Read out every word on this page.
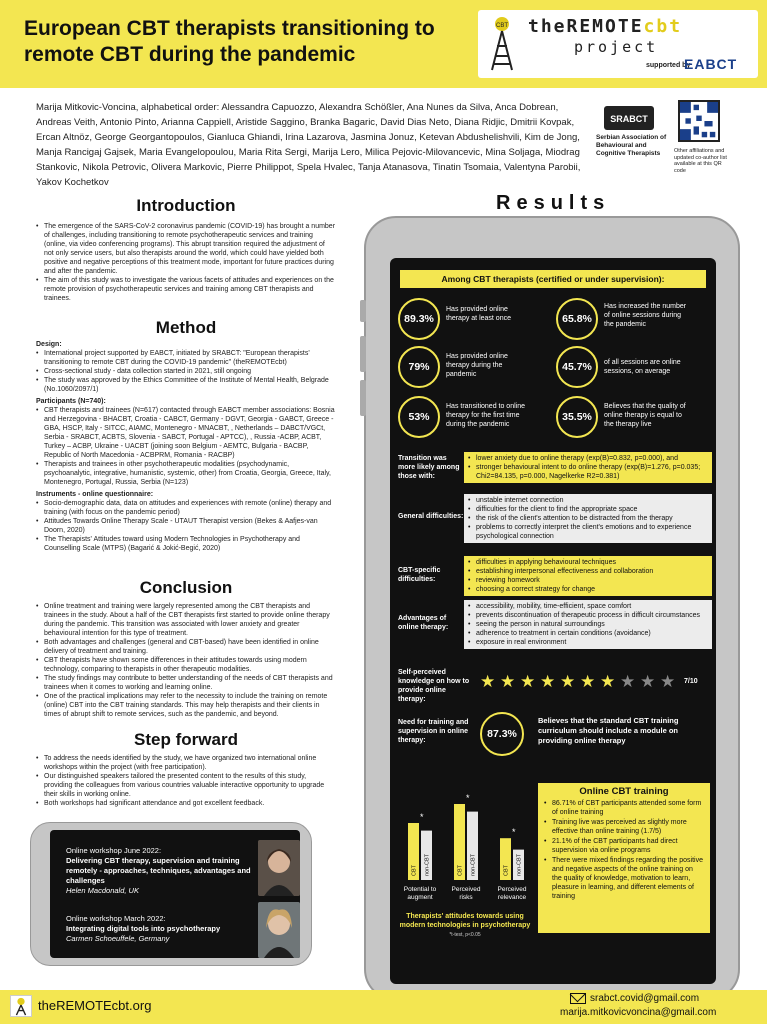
European CBT therapists transitioning to remote CBT during the pandemic
CBT theREMOTEcbt
project
supported by
EABCT
Marija Mitkovic-Voncina, alphabetical order: Alessandra Capuozzo, Alexandra Schößler, Ana Nunes da Silva, Anca Dobrean, Andreas Veith, Antonio Pinto, Arianna Cappiell, Aristide Saggino, Branka Bagaric, David Dias Neto, Diana Ridjic, Dmitrii Kovpak, Ercan Altnöz, George Georgantopoulos, Gianluca Ghiandi, Irina Lazarova, Jasmina Jonuz, Ketevan Abdushelishvili, Kim de Jong, Manja Rancigaj Gajsek, Maria Evangelopoulou, Maria Rita Sergi, Marija Lero, Milica Pejovic-Milovancevic, Mina Soljaga, Miodrag Stankovic, Nikola Petrovic, Olivera Markovic, Pierre Philippot, Spela Hvalec, Tanja Atanasova, Tinatin Tsomaia, Valentyna Parobii, Yakov Kochetkov
SRABCT
Serbian Association of Behavioural and Cognitive Therapists	Other affiliations and updated co-author list available at this QR code
Introduction
• The emergence of the SARS-CoV-2 coronavirus pandemic (COVID-19) has brought a number of challenges, including transitioning to remote psychotherapeutic services and training (online, via video conferencing programs). This abrupt transition required the adjustment of not only service users, but also therapists around the world, which could have yielded both positive and negative perceptions of this treatment mode, important for future practices during and after the pandemic.
• The aim of this study was to investigate the various facets of attitudes and experiences on the remote provision of psychotherapeutic services and training among CBT therapists and trainees.
Method
Design:
• International project supported by EABCT, initiated by SRABCT: "European therapists' transitioning to remote CBT during the COVID-19 pandemic" (theREMOTEcbt)
• Cross-sectional study - data collection started in 2021, still ongoing
• The study was approved by the Ethics Committee of the Institute of Mental Health, Belgrade (No.1060/2097/1)
Participants (N=740):
• CBT therapists and trainees (N=617) contacted through EABCT member associations: Bosnia and Herzegovina - BHACBT, Croatia - CABCT, Germany - DGVT, Georgia - GABCT, Greece - GBA, HSCP, Italy - SITCC, AIAMC, Montenegro - MNACBT, , Netherlands – DABCT/VGCt, Serbia - SRABCT, ACBTS, Slovenia - SABCT, Portugal - APTCC), , Russia -ACBP, ACBT, Turkey – ACBP, Ukraine - UACBT (joining soon Belgium - AEMTC, Bulgaria - BACBP, Republic of North Macedonia - ACBPRM, Romania - RACBP)
• Therapists and trainees in other psychotherapeutic modalities (psychodynamic, psychoanalytic, integrative, humanistic, systemic, other) from Croatia, Georgia, Greece, Italy, Montenegro, Portugal, Russia, Serbia (N=123)
Instruments - online questionnaire:
• Socio-demographic data, data on attitudes and experiences with remote (online) therapy and training (with focus on the pandemic period)
• Attitudes Towards Online Therapy Scale - UTAUT Therapist version (Bekes & Aafjes-van Doorn, 2020)
• The Therapists' Attitudes toward using Modern Technologies in Psychotherapy and Counselling Scale (MTPS) (Bagarić & Jokić-Begić, 2020)
Conclusion
• Online treatment and training were largely represented among the CBT therapists and trainees in the study. About a half of the CBT therapists first started to provide online therapy during the pandemic. This transition was associated with lower anxiety and greater behavioural intention for this type of treatment.
• Both advantages and challenges (general and CBT-based) have been identified in online delivery of treatment and training.
• CBT therapists have shown some differences in their attitudes towards using modern technology, comparing to therapists in other therapeutic modalities.
• The study findings may contribute to better understanding of the needs of CBT therapists and trainees when it comes to working and learning online.
• One of the practical implications may refer to the necessity to include the training on remote (online) CBT into the CBT training standards. This may help therapists and their clients in times of abrupt shift to remote services, such as the pandemic, and beyond.
Step forward
• To address the needs identified by the study, we have organized two international online workshops within the project (with free participation).
• Our distinguished speakers tailored the presented content to the results of this study, providing the colleagues from various countries valuable interactive opportunity to upgrade their skills in working online.
• Both workshops had significant attendance and got excellent feedback.
Online workshop June 2022:
Delivering CBT therapy, supervision and training remotely - approaches, techniques, advantages and challenges
Helen Macdonald, UK
Online workshop March 2022:
Integrating digital tools into psychotherapy
Carmen Schoeuffele, Germany
Results
Among CBT therapists (certified or under supervision):
89.3%
Has provided online therapy at least once	65.8%
Has increased the number of online sessions during the pandemic
79%
Has provided online therapy during the pandemic
45.7%	of all sessions are online sessions, on average
53%
Has transitioned to online therapy for the first time during the pandemic
35.5%
Believes that the quality of online therapy is equal to the therapy live
Transition was more likely among those with:
• lower anxiety due to online therapy (exp(B)=0.832, p=0.000), and
• stronger behavioural intent to do online therapy (exp(B)=1.276, p=0.035; Chi2=84.135, p=0.000, Nagelkerke R2=0.381)
General difficulties:
• unstable internet connection
• difficulties for the client to find the appropriate space
• the risk of the client's attention to be distracted from the therapy
• problems to correctly interpret the client's emotions and to experience psychological connection
CBT-specific difficulties:
• difficulties in applying behavioural techniques
• establishing interpersonal effectiveness and collaboration
• reviewing homework
• choosing a correct strategy for change
Advantages of online therapy:
• accessibility, mobility, time-efficient, space comfort
• prevents discontinuation of therapeutic process in difficult circumstances
• seeing the person in natural surroundings
• adherence to treatment in certain conditions (avoidance)
• exposure in real environment
Self-perceived knowledge on how to provide online therapy:
★ ★ ★ ★ ★ ★ ★ ★ ★ ★ 7/10
Need for training and supervision in online therapy:
87.3%
Believes that the standard CBT training curriculum should include a module on providing online therapy
CBT non-CBT
*
Potential to augment
CBT non-CBT
*
Perceived risks
CBT non-CBT
*
Perceived relevance
Therapists' attitudes towards using modern technologies in psychotherapy
*t-test, p<0.05
Online CBT training
• 86.71% of CBT participants attended some form of online training
• Training live was perceived as slightly more effective than online training (1.7/5)
• 21.1% of the CBT participants had direct supervision via online programs
• There were mixed findings regarding the positive and negative aspects of the online training on the quality of knowledge, motivation to learn, pleasure in learning, and different elements of training
theREMOTEcbt.org	srabct.covid@gmail.com
marija.mitkovicvoncina@gmail.com
